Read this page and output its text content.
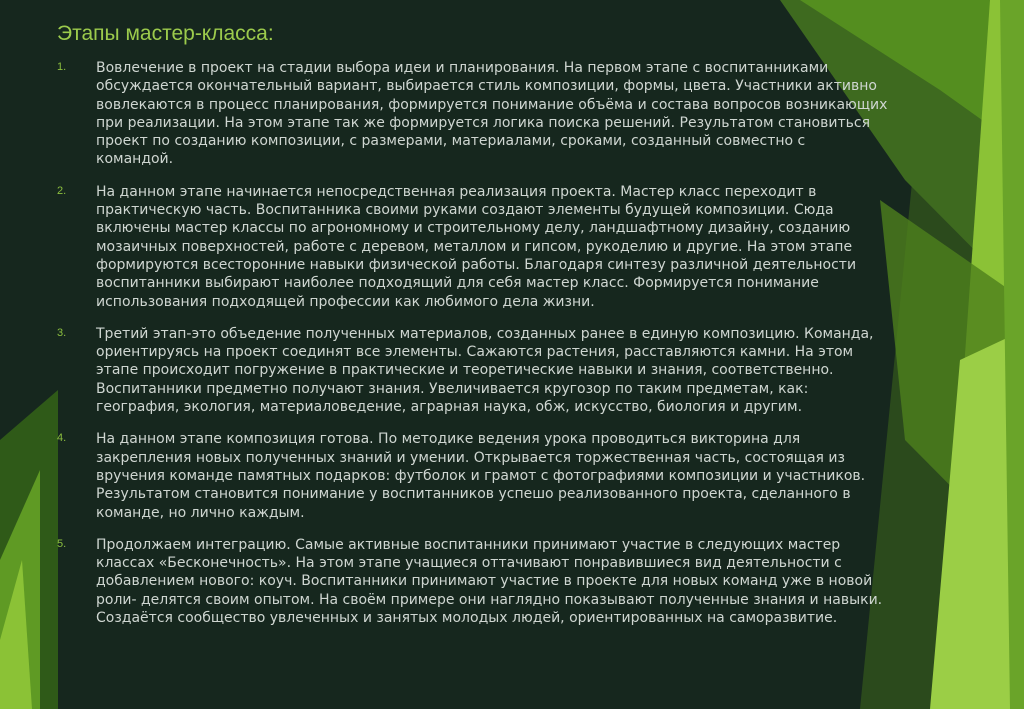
Этапы мастер-класса:
1.	Вовлечение в проект на стадии выбора идеи и планирования. На первом этапе с воспитанниками
обсуждается окончательный вариант, выбирается стиль композиции, формы, цвета. Участники активно
вовлекаются в процесс планирования, формируется понимание объёма и состава вопросов возникающих
при реализации. На этом этапе так же формируется логика поиска решений. Результатом становиться
проект по созданию композиции, с размерами, материалами, сроками, созданный совместно с
командой.
2.	На данном этапе начинается непосредственная реализация проекта. Мастер класс переходит в
практическую часть. Воспитанника своими руками создают элементы будущей композиции. Сюда
включены мастер классы по агрономному и строительному делу, ландшафтному дизайну, созданию
мозаичных поверхностей, работе с деревом, металлом и гипсом, рукоделию и другие. На этом этапе
формируются всесторонние навыки физической работы. Благодаря синтезу различной деятельности
воспитанники выбирают наиболее подходящий для себя мастер класс. Формируется понимание
использования подходящей профессии как любимого дела жизни.
3.	Третий этап-это объедение полученных материалов, созданных ранее в единую композицию. Команда,
ориентируясь на проект соединят все элементы. Сажаются растения, расставляются камни. На этом
этапе происходит погружение в практические и теоретические навыки и знания, соответственно.
Воспитанники предметно получают знания. Увеличивается кругозор по таким предметам, как:
география, экология, материаловедение, аграрная наука, обж, искусство, биология и другим.
4.	На данном этапе композиция готова. По методике ведения урока проводиться викторина для
закрепления новых полученных знаний и умении. Открывается торжественная часть, состоящая из
вручения команде памятных подарков: футболок и грамот с фотографиями композиции и участников.
Результатом становится понимание у воспитанников успешо реализованного проекта, сделанного в
команде, но лично каждым.
5.	Продолжаем интеграцию. Самые активные воспитанники принимают участие в следующих мастер
классах «Бесконечность». На этом этапе учащиеся оттачивают понравившиеся вид деятельности с
добавлением нового: коуч. Воспитанники принимают участие в проекте для новых команд уже в новой
роли- делятся своим опытом. На своём примере они наглядно показывают полученные знания и навыки.
Создаётся сообщество увлеченных и занятых молодых людей, ориентированных на саморазвитие.
